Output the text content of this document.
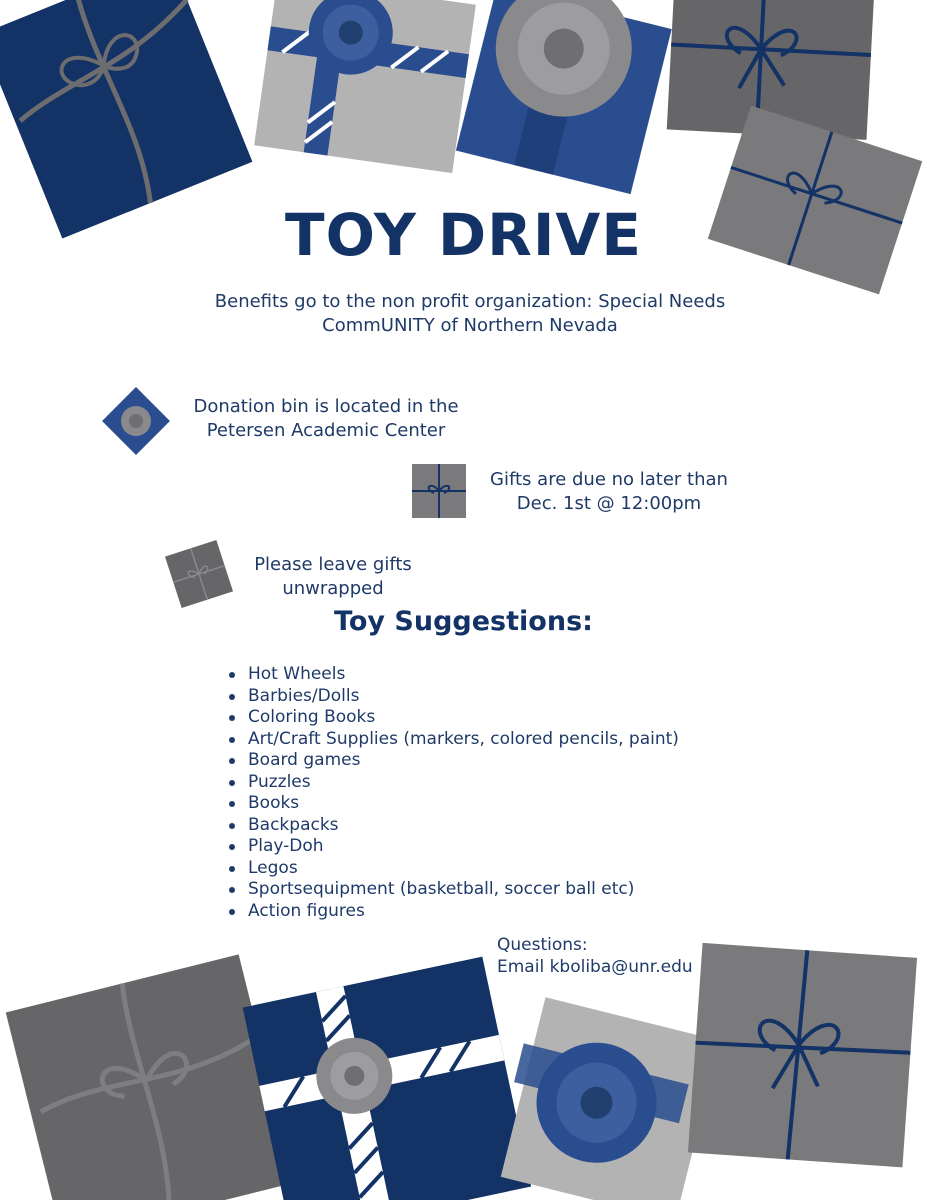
TOY DRIVE
Benefits go to the non profit organization: Special Needs
CommUNITY of Northern Nevada
Donation bin is located in the
Petersen Academic Center
Gifts are due no later than
Dec. 1st @ 12:00pm
Please leave gifts
unwrapped
Toy Suggestions:
Hot Wheels
Barbies/Dolls
Coloring Books
Art/Craft Supplies (markers, colored pencils, paint)
Board games
Puzzles
Books
Backpacks
Play-Doh
Legos
Sportsequipment (basketball, soccer ball etc)
Action figures
Questions:
Email kboliba@unr.edu
